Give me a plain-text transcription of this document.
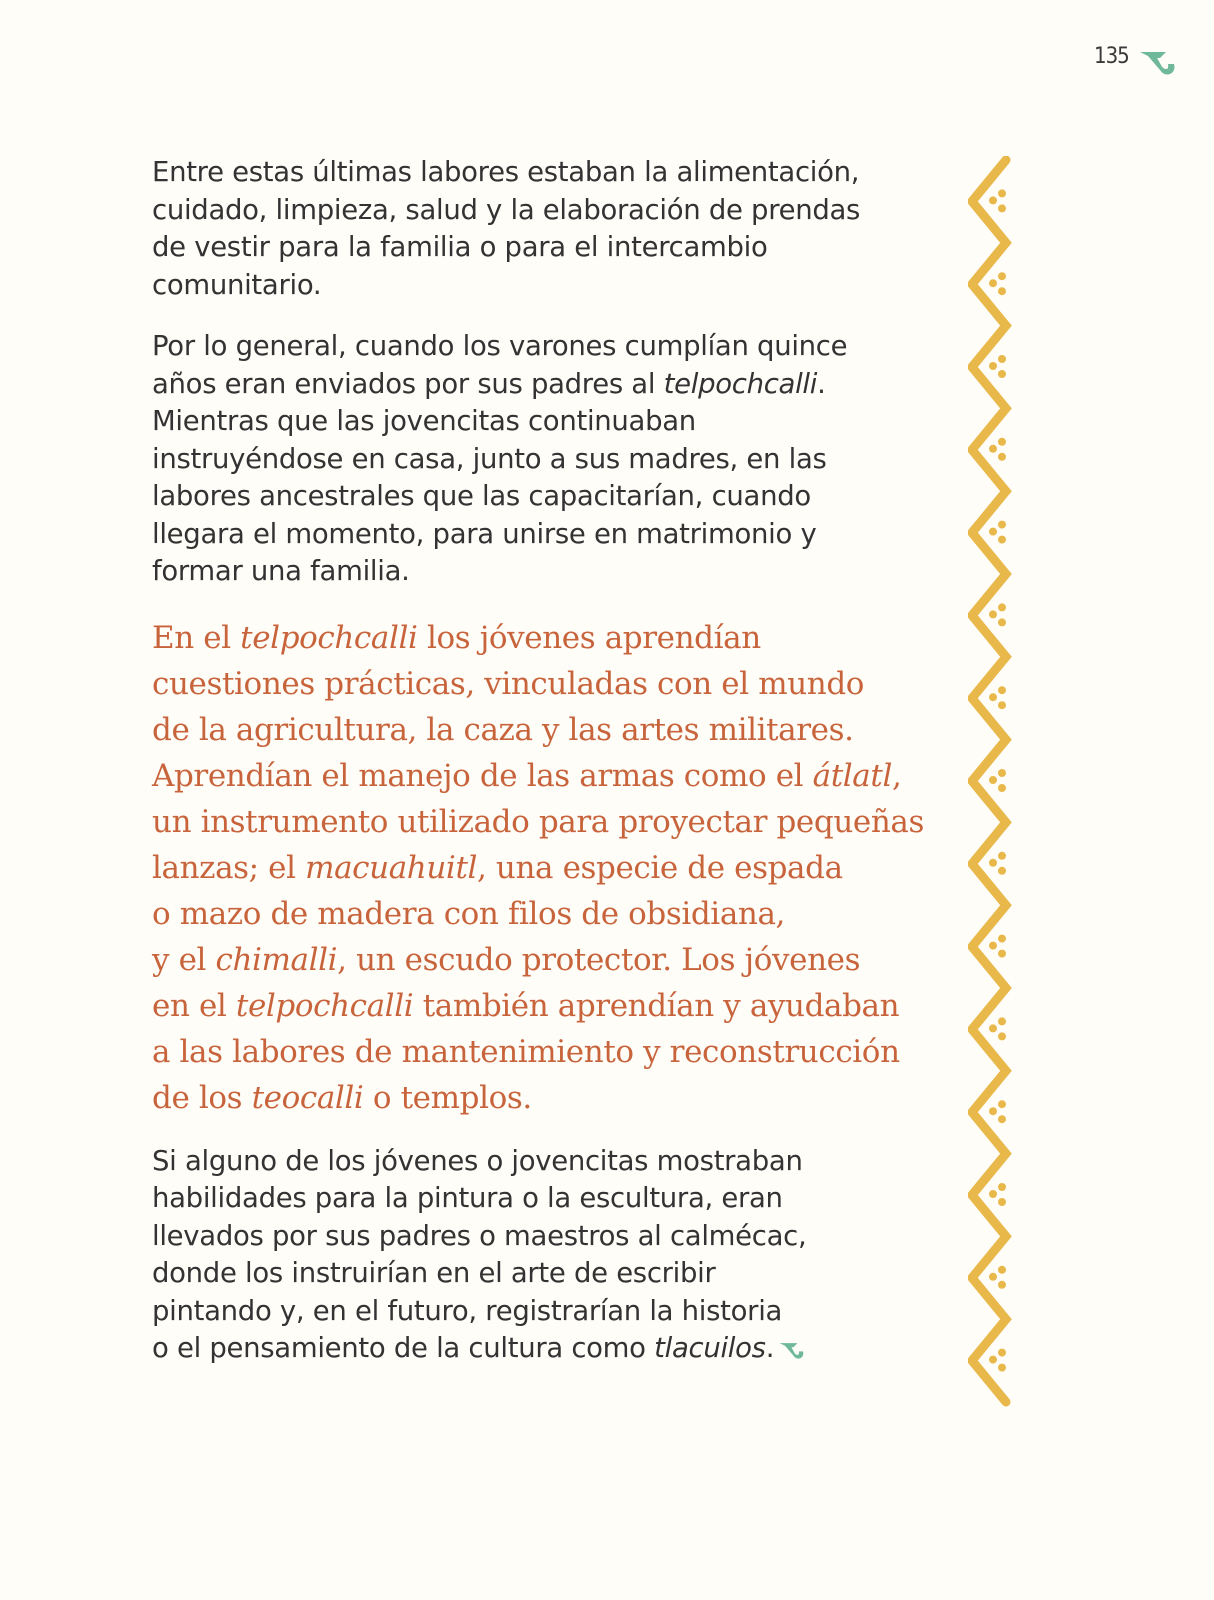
135

Entre estas últimas labores estaban la alimentación,
cuidado, limpieza, salud y la elaboración de prendas
de vestir para la familia o para el intercambio
comunitario.

Por lo general, cuando los varones cumplían quince
años eran enviados por sus padres al telpochcalli.
Mientras que las jovencitas continuaban
instruyéndose en casa, junto a sus madres, en las
labores ancestrales que las capacitarían, cuando
llegara el momento, para unirse en matrimonio y
formar una familia.

En el telpochcalli los jóvenes aprendían
cuestiones prácticas, vinculadas con el mundo
de la agricultura, la caza y las artes militares.
Aprendían el manejo de las armas como el átlatl,
un instrumento utilizado para proyectar pequeñas
lanzas; el macuahuitl, una especie de espada
o mazo de madera con filos de obsidiana,
y el chimalli, un escudo protector. Los jóvenes
en el telpochcalli también aprendían y ayudaban
a las labores de mantenimiento y reconstrucción
de los teocalli o templos.

Si alguno de los jóvenes o jovencitas mostraban
habilidades para la pintura o la escultura, eran
llevados por sus padres o maestros al calmécac,
donde los instruirían en el arte de escribir
pintando y, en el futuro, registrarían la historia
o el pensamiento de la cultura como tlacuilos.
